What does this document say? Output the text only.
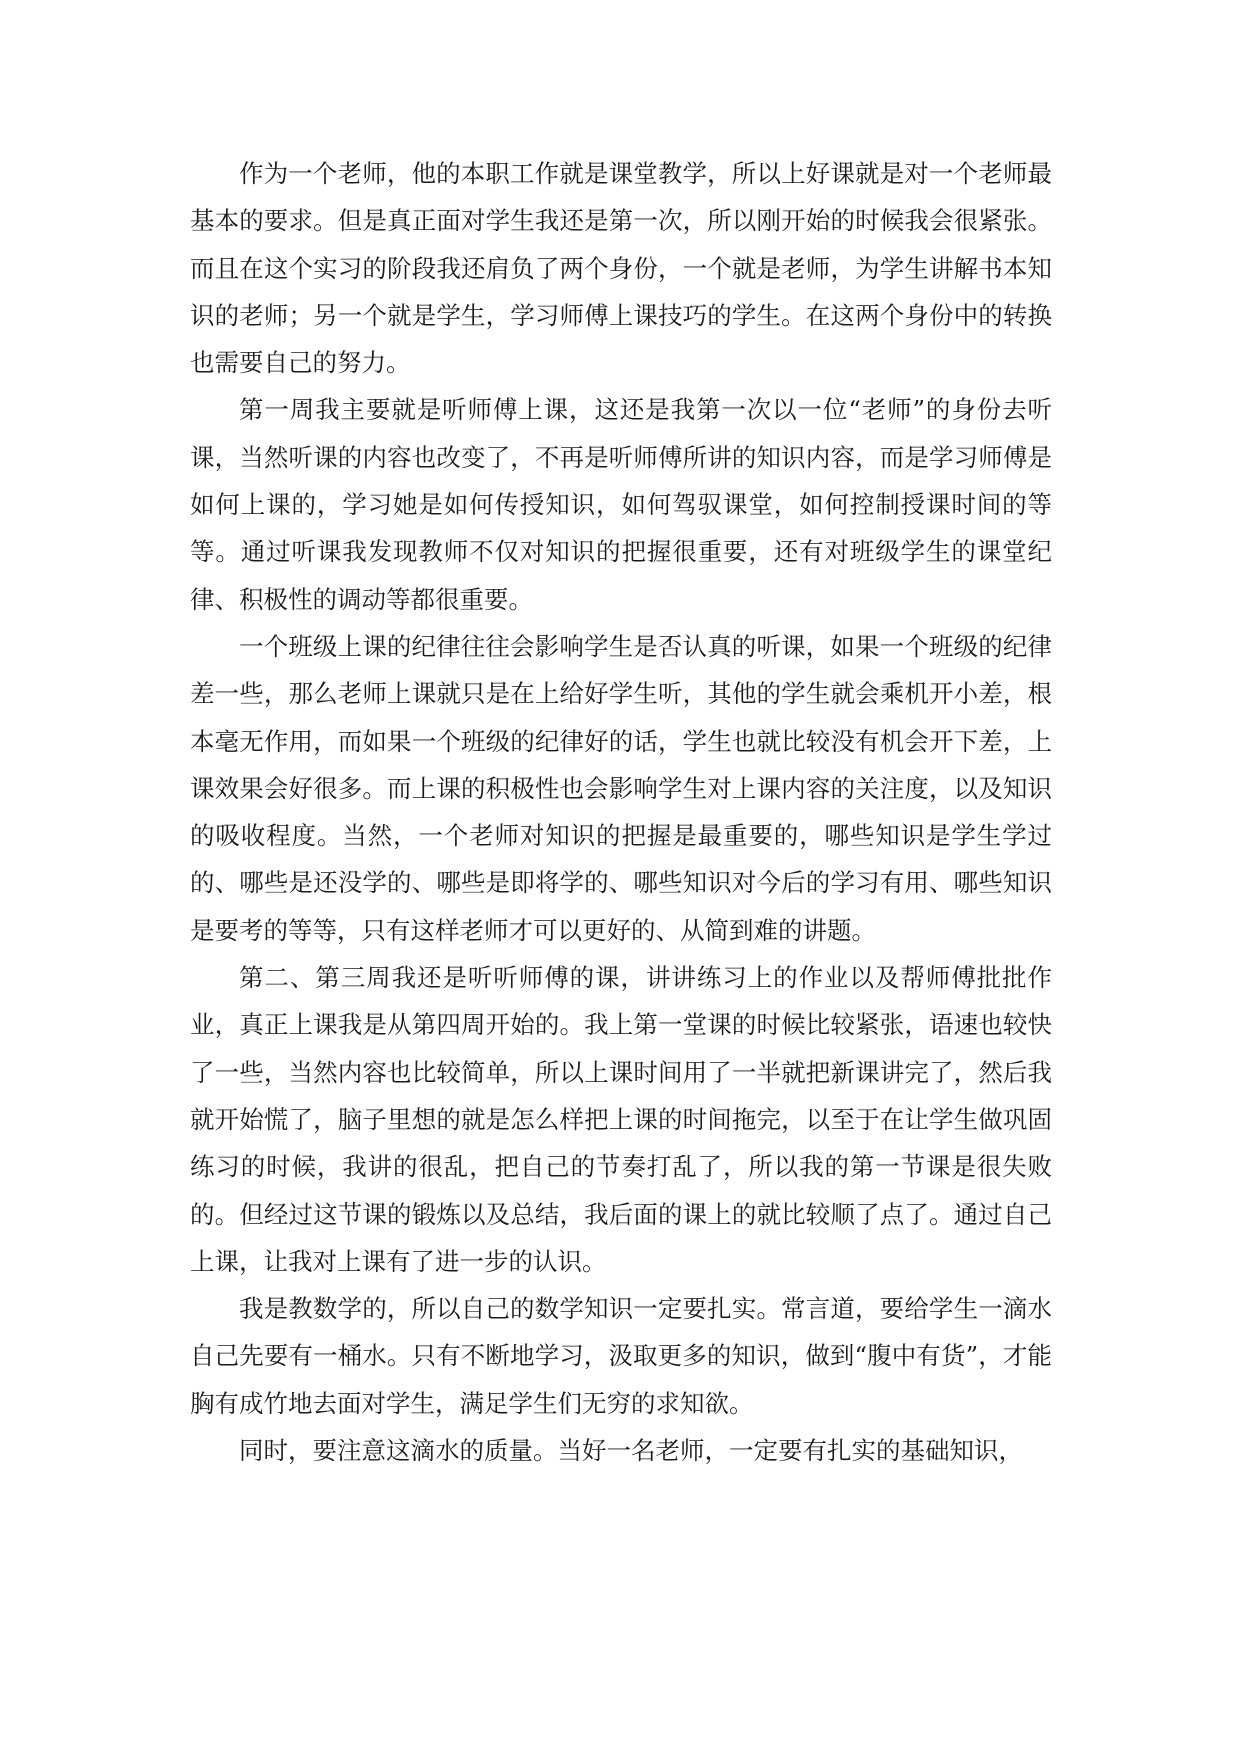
作为一个老师，他的本职工作就是课堂教学，所以上好课就是对一个老师最基本的要求。但是真正面对学生我还是第一次，所以刚开始的时候我会很紧张。而且在这个实习的阶段我还肩负了两个身份，一个就是老师，为学生讲解书本知识的老师；另一个就是学生，学习师傅上课技巧的学生。在这两个身份中的转换也需要自己的努力。

第一周我主要就是听师傅上课，这还是我第一次以一位“老师”的身份去听课，当然听课的内容也改变了，不再是听师傅所讲的知识内容，而是学习师傅是如何上课的，学习她是如何传授知识，如何驾驭课堂，如何控制授课时间的等等。通过听课我发现教师不仅对知识的把握很重要，还有对班级学生的课堂纪律、积极性的调动等都很重要。

一个班级上课的纪律往往会影响学生是否认真的听课，如果一个班级的纪律差一些，那么老师上课就只是在上给好学生听，其他的学生就会乘机开小差，根本毫无作用，而如果一个班级的纪律好的话，学生也就比较没有机会开下差，上课效果会好很多。而上课的积极性也会影响学生对上课内容的关注度，以及知识的吸收程度。当然，一个老师对知识的把握是最重要的，哪些知识是学生学过的、哪些是还没学的、哪些是即将学的、哪些知识对今后的学习有用、哪些知识是要考的等等，只有这样老师才可以更好的、从简到难的讲题。

第二、第三周我还是听听师傅的课，讲讲练习上的作业以及帮师傅批批作业，真正上课我是从第四周开始的。我上第一堂课的时候比较紧张，语速也较快了一些，当然内容也比较简单，所以上课时间用了一半就把新课讲完了，然后我就开始慌了，脑子里想的就是怎么样把上课的时间拖完，以至于在让学生做巩固练习的时候，我讲的很乱，把自己的节奏打乱了，所以我的第一节课是很失败的。但经过这节课的锻炼以及总结，我后面的课上的就比较顺了点了。通过自己上课，让我对上课有了进一步的认识。

我是教数学的，所以自己的数学知识一定要扎实。常言道，要给学生一滴水自己先要有一桶水。只有不断地学习，汲取更多的知识，做到“腹中有货”，才能胸有成竹地去面对学生，满足学生们无穷的求知欲。

同时，要注意这滴水的质量。当好一名老师，一定要有扎实的基础知识，
